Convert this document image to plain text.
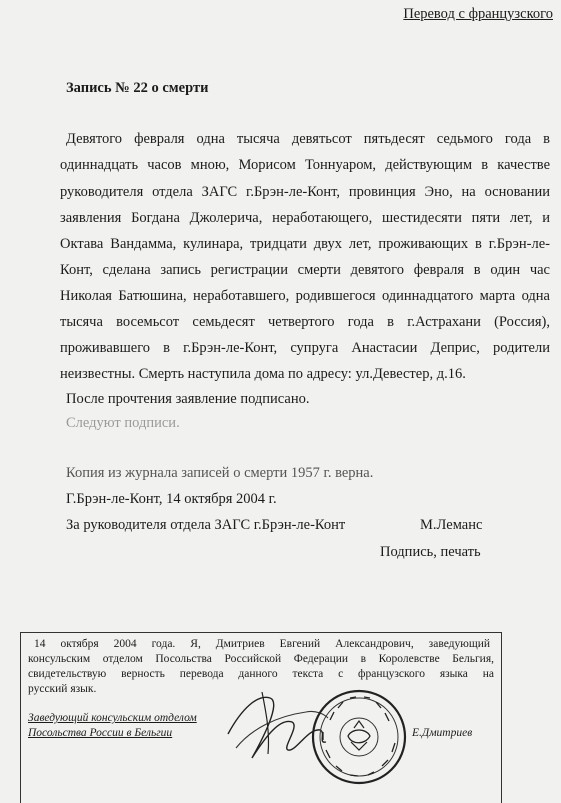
Перевод с французского
Запись № 22 о смерти
Девятого февраля одна тысяча девятьсот пятьдесят седьмого года в
одиннадцать часов мною, Морисом Тоннуаром, действующим в качестве
руководителя отдела ЗАГС г.Брэн-ле-Конт, провинция Эно, на основании
заявления Богдана Джолерича, неработающего, шестидесяти пяти лет, и
Октава Вандамма, кулинара, тридцати двух лет, проживающих в г.Брэн-ле-
Конт, сделана запись регистрации смерти девятого февраля в один час
Николая Батюшина, неработавшего, родившегося одиннадцатого марта одна
тысяча восемьсот семьдесят четвертого года в г.Астрахани (Россия),
проживавшего в г.Брэн-ле-Конт, супруга Анастасии Деприс, родители
неизвестны. Смерть наступила дома по адресу: ул.Девестер, д.16.
После прочтения заявление подписано.
Следуют подписи.
Копия из журнала записей о смерти 1957 г. верна.
Г.Брэн-ле-Конт, 14 октября 2004 г.
За руководителя отдела ЗАГС г.Брэн-ле-Конт	М.Леманс
Подпись, печать
14 октября 2004 года. Я, Дмитриев Евгений Александрович, заведующий
консульским отделом Посольства Российской Федерации в Королевстве Бельгия,
свидетельствую верность перевода данного текста с французского языка на
русский язык.
Заведующий консульским отделом
Посольства России в Бельгии	Е.Дмитриев
